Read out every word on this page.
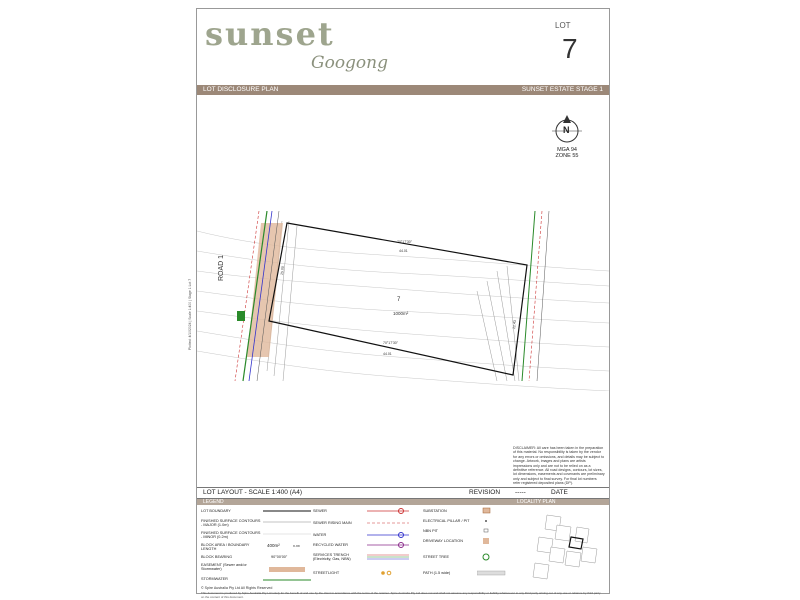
sunset
Googong
LOT
7
LOT DISCLOSURE PLAN	SUNSET ESTATE STAGE 1
N
MGA 94
ZONE 55
ROAD 1
7
1000m²
70°17'30"
44.01
70°17'30"
44.01
25.00
22.43
DISCLAIMER: All care has been taken in the preparation of this material. No responsibility is taken by the vendor for any errors or omissions, and details may be subject to change. Artwork, images and plans are artists impressions only and are not to be relied on as a definitive reference. All road designs, contours, lot sizes, lot dimensions, easements and covenants are preliminary only and subject to final survey. For final lot numbers refer registered deposited plans (DP).
LOT LAYOUT - SCALE 1:400 (A4)	REVISION -----	DATE
LEGEND	LOCALITY PLAN
LOT BOUNDARY
FINISHED SURFACE CONTOURS - MAJOR (1.0m)
FINISHED SURFACE CONTOURS - MINOR (0.2m)
BLOCK AREA / BOUNDARY LENGTH
BLOCK BEARING
EASEMENT (Sewer and/or Stormwater)
STORMWATER
400m²	x.xx
90°00'00"
SEWER
SEWER RISING MAIN
WATER
RECYCLED WATER
SERVICES TRENCH (Electricity, Gas, NBN)
STREETLIGHT
SUBSTATION
ELECTRICAL PILLAR / PIT
NBN PIT
DRIVEWAY LOCATION
STREET TREE
PATH (1.5 wide)
© Spire Australia Pty Ltd All Rights Reserved
This document is produced by Spire Australia Pty Ltd solely for the benefit of and use by the client in accordance with the terms of the retainer. Spire Australia Pty Ltd does not and shall not assume any responsibility or liability whatsoever to any third party arising out of any use or reliance by third party on the content of this document.
Plotted: 4/10/2024 | Scale 1:400 | Stage 1 Lot 7
